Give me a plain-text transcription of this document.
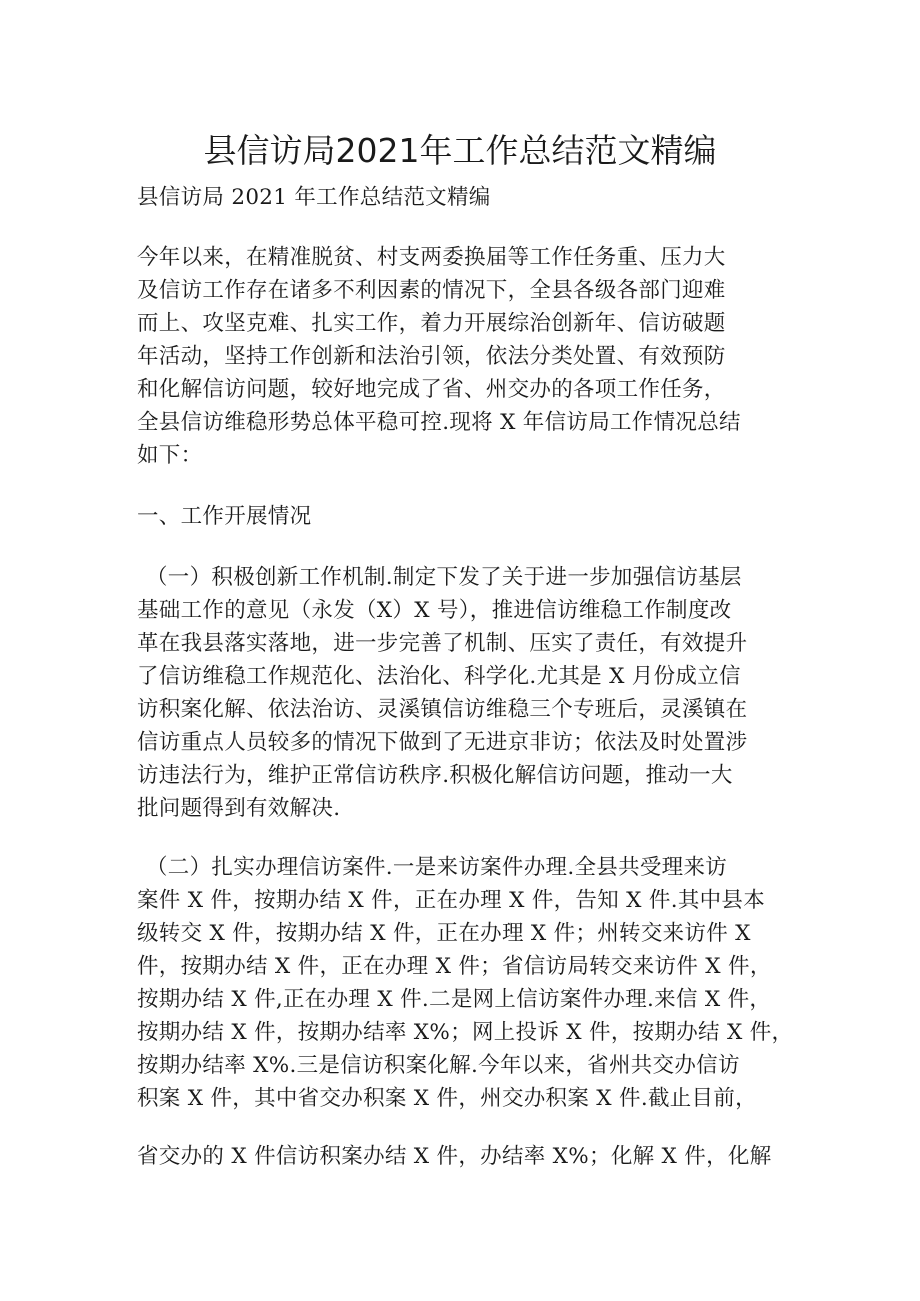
县信访局2021年工作总结范文精编
县信访局 2021 年工作总结范文精编
今年以来，在精准脱贫、村支两委换届等工作任务重、压力大
及信访工作存在诸多不利因素的情况下，全县各级各部门迎难
而上、攻坚克难、扎实工作，着力开展综治创新年、信访破题
年活动，坚持工作创新和法治引领，依法分类处置、有效预防
和化解信访问题，较好地完成了省、州交办的各项工作任务，
全县信访维稳形势总体平稳可控.现将 X 年信访局工作情况总结
如下：
一、工作开展情况
（一）积极创新工作机制.制定下发了关于进一步加强信访基层
基础工作的意见（永发（X）X 号），推进信访维稳工作制度改
革在我县落实落地，进一步完善了机制、压实了责任，有效提升
了信访维稳工作规范化、法治化、科学化.尤其是 X 月份成立信
访积案化解、依法治访、灵溪镇信访维稳三个专班后，灵溪镇在
信访重点人员较多的情况下做到了无进京非访；依法及时处置涉
访违法行为，维护正常信访秩序.积极化解信访问题，推动一大
批问题得到有效解决.
（二）扎实办理信访案件.一是来访案件办理.全县共受理来访
案件 X 件，按期办结 X 件，正在办理 X 件，告知 X 件.其中县本
级转交 X 件，按期办结 X 件，正在办理 X 件；州转交来访件 X
件，按期办结 X 件，正在办理 X 件；省信访局转交来访件 X 件，
按期办结 X 件,正在办理 X 件.二是网上信访案件办理.来信 X 件，
按期办结 X 件，按期办结率 X%；网上投诉 X 件，按期办结 X 件，
按期办结率 X%.三是信访积案化解.今年以来，省州共交办信访
积案 X 件，其中省交办积案 X 件，州交办积案 X 件.截止目前，
省交办的 X 件信访积案办结 X 件，办结率 X%；化解 X 件，化解
